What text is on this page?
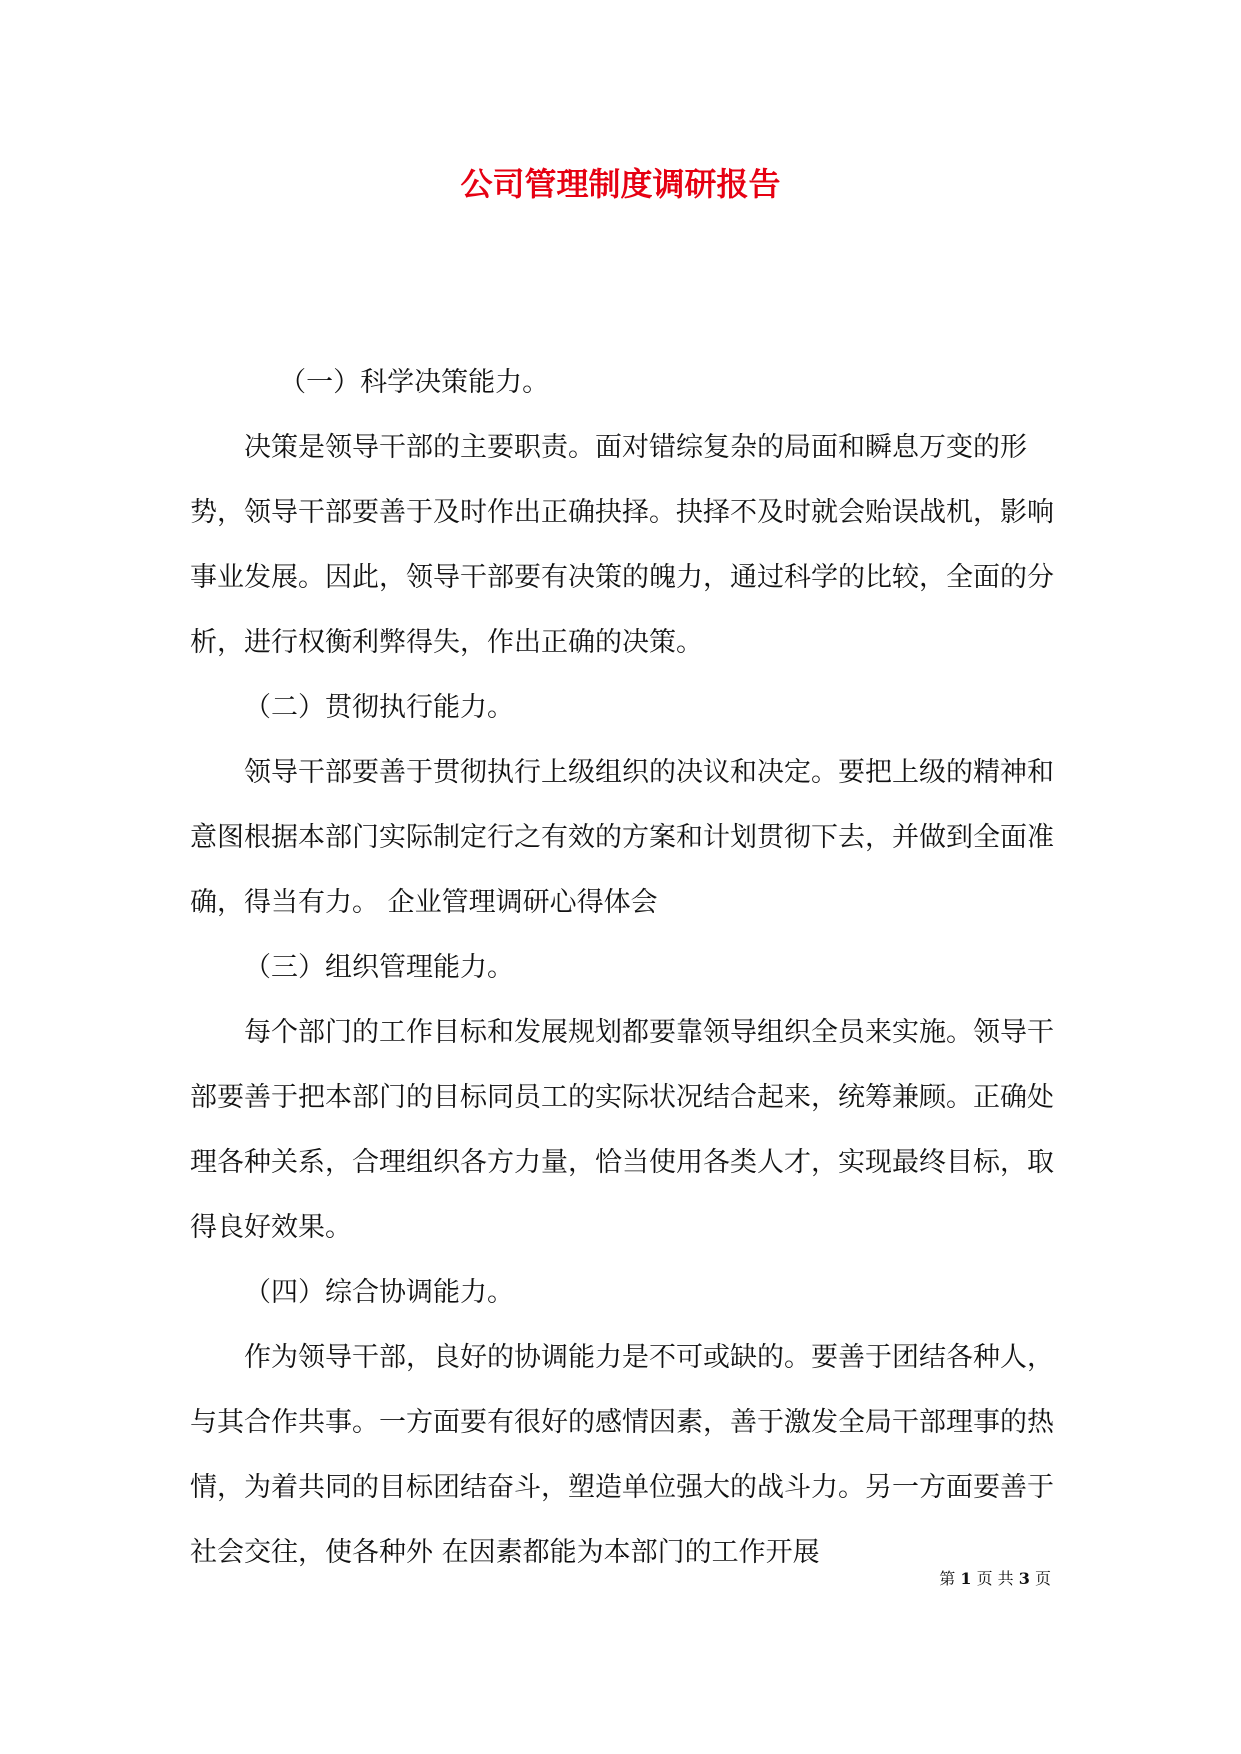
公司管理制度调研报告

（一）科学决策能力。

决策是领导干部的主要职责。面对错综复杂的局面和瞬息万变的形势，领导干部要善于及时作出正确抉择。抉择不及时就会贻误战机，影响事业发展。因此，领导干部要有决策的魄力，通过科学的比较，全面的分析，进行权衡利弊得失，作出正确的决策。

（二）贯彻执行能力。

领导干部要善于贯彻执行上级组织的决议和决定。要把上级的精神和意图根据本部门实际制定行之有效的方案和计划贯彻下去，并做到全面准确，得当有力。 企业管理调研心得体会

（三）组织管理能力。

每个部门的工作目标和发展规划都要靠领导组织全员来实施。领导干部要善于把本部门的目标同员工的实际状况结合起来，统筹兼顾。正确处理各种关系，合理组织各方力量，恰当使用各类人才，实现最终目标，取得良好效果。

（四）综合协调能力。

作为领导干部，良好的协调能力是不可或缺的。要善于团结各种人，与其合作共事。一方面要有很好的感情因素，善于激发全局干部理事的热情，为着共同的目标团结奋斗，塑造单位强大的战斗力。另一方面要善于社会交往，使各种外 在因素都能为本部门的工作开展

第 1 页 共 3 页
